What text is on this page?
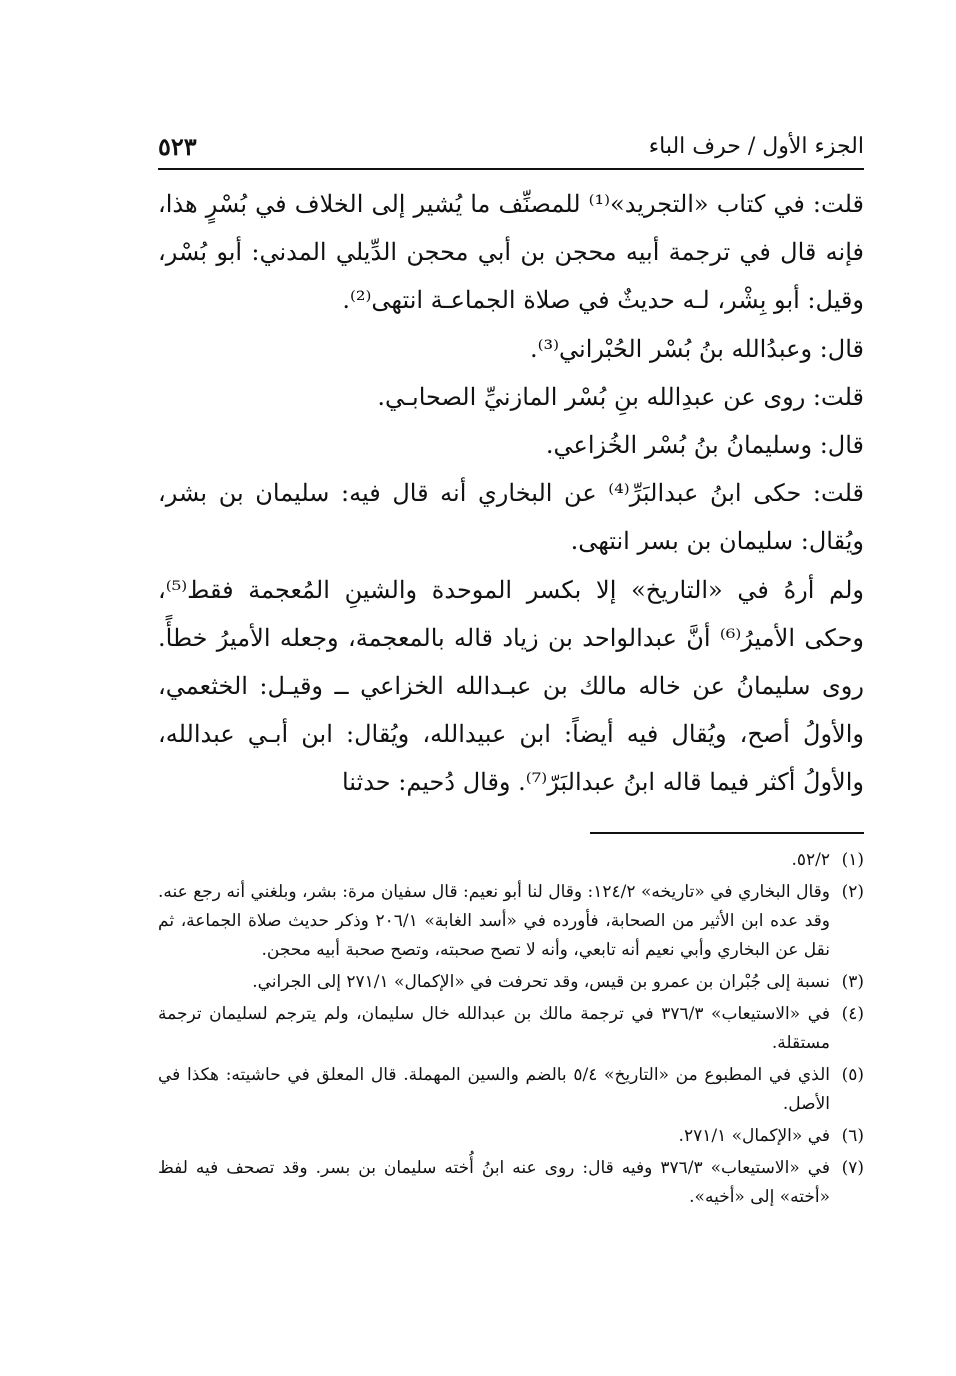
الجزء الأول / حرف الباء
٥٢٣

قلت: في كتاب «التجريد»⁽¹⁾ للمصنِّف ما يُشير إلى الخلاف في بُسْرٍ هذا، فإنه قال في ترجمة أبيه محجن بن أبي محجن الدِّيلي المدني: أبو بُسْر، وقيل: أبو بِشْر، لـه حديثٌ في صلاة الجماعـة انتهى⁽²⁾.

قال: وعبدُالله بنُ بُسْر الحُبْراني⁽³⁾.

قلت: روى عن عبدِالله بنِ بُسْر المازنيِّ الصحابـي.

قال: وسليمانُ بنُ بُسْر الخُزاعي.

قلت: حكى ابنُ عبدالبَرِّ⁽⁴⁾ عن البخاري أنه قال فيه: سليمان بن بشر، ويُقال: سليمان بن بسر انتهى.

ولم أرهُ في «التاريخ» إلا بكسر الموحدة والشينِ المُعجمة فقط⁽⁵⁾، وحكى الأميرُ⁽⁶⁾ أنَّ عبدالواحد بن زياد قاله بالمعجمة، وجعله الأميرُ خطأً. روى سليمانُ عن خاله مالك بن عبـدالله الخزاعي ــ وقيـل: الخثعمي، والأولُ أصح، ويُقال فيه أيضاً: ابن عبيدالله، ويُقال: ابن أبـي عبدالله، والأولُ أكثر فيما قاله ابنُ عبدالبَرّ⁽⁷⁾. وقال دُحيم: حدثنا

(١)
٥٢/٢.
(٢)
وقال البخاري في «تاريخه» ١٢٤/٢: وقال لنا أبو نعيم: قال سفيان مرة: بشر، وبلغني أنه رجع عنه. وقد عده ابن الأثير من الصحابة، فأورده في «أسد الغابة» ٢٠٦/١ وذكر حديث صلاة الجماعة، ثم نقل عن البخاري وأبي نعيم أنه تابعي، وأنه لا تصح صحبته، وتصح صحبة أبيه محجن.
(٣)
نسبة إلى جُبْران بن عمرو بن قيس، وقد تحرفت في «الإكمال» ٢٧١/١ إلى الجراني.
(٤)
في «الاستيعاب» ٣٧٦/٣ في ترجمة مالك بن عبدالله خال سليمان، ولم يترجم لسليمان ترجمة مستقلة.
(٥)
الذي في المطبوع من «التاريخ» ٥/٤ بالضم والسين المهملة. قال المعلق في حاشيته: هكذا في الأصل.
(٦)
في «الإكمال» ٢٧١/١.
(٧)
في «الاستيعاب» ٣٧٦/٣ وفيه قال: روى عنه ابنُ أُخته سليمان بن بسر. وقد تصحف فيه لفظ «أخته» إلى «أخيه».
